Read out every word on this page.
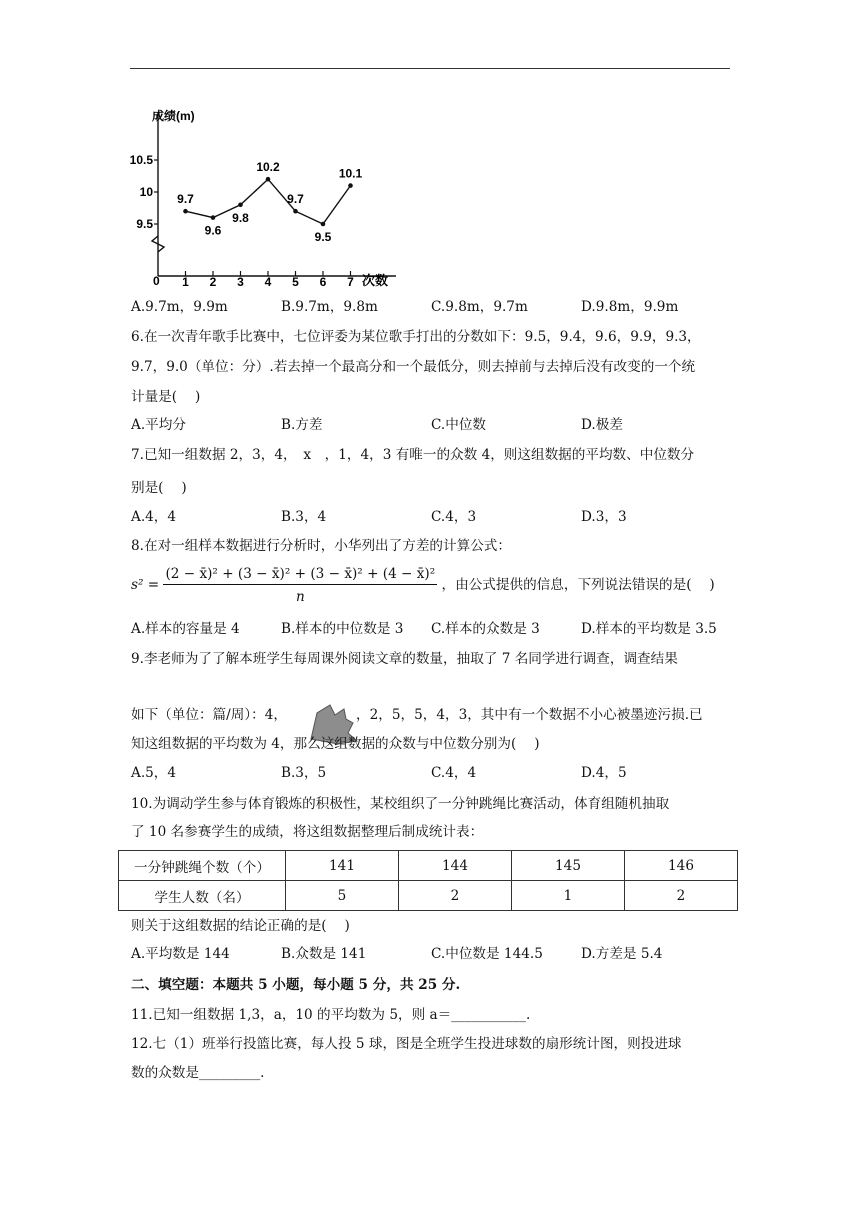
成绩(m)
次数
0
9.5
10
10.5
1 2 3 4 5 6 7
9.7
9.6
9.8
10.2
9.7
9.5
10.1
A.9.7m，9.9m	B.9.7m，9.8m	C.9.8m，9.7m	D.9.8m，9.9m
6.在一次青年歌手比赛中，七位评委为某位歌手打出的分数如下：9.5，9.4，9.6，9.9，9.3，
9.7，9.0（单位：分）.若去掉一个最高分和一个最低分，则去掉前与去掉后没有改变的一个统
计量是(　 )
A.平均分	B.方差	C.中位数	D.极差
7.已知一组数据 2，3，4，　x　，1，4，3 有唯一的众数 4，则这组数据的平均数、中位数分
别是(　 )
A.4，4	B.3，4	C.4，3	D.3，3
8.在对一组样本数据进行分析时，小华列出了方差的计算公式：
$s^2 = \frac{\text{(2 − x̄)² + (3 − x̄)² + (3 − x̄)² + (4 − x̄)²}}{n}$ ，由公式提供的信息，下列说法错误的是(　 )
A.样本的容量是 4	B.样本的中位数是 3 C.样本的众数是 3	D.样本的平均数是 3.5
9.李老师为了了解本班学生每周课外阅读文章的数量，抽取了 7 名同学进行调查，调查结果
如下（单位：篇/周）：4，	，2，5，5，4，3，其中有一个数据不小心被墨迹污损.已
知这组数据的平均数为 4，那么这组数据的众数与中位数分别为(　 )
A.5，4	B.3，5	C.4，4	D.4，5
10.为调动学生参与体育锻炼的积极性，某校组织了一分钟跳绳比赛活动，体育组随机抽取
了 10 名参赛学生的成绩，将这组数据整理后制成统计表：
一分钟跳绳个数（个）	141	144	145	146
学生人数（名）	5	2	1	2
则关于这组数据的结论正确的是(　 )
A.平均数是 144	B.众数是 141	C.中位数是 144.5	D.方差是 5.4
二、填空题：本题共 5 小题，每小题 5 分，共 25 分.
11.已知一组数据 1,3，a，10 的平均数为 5，则 a＝___________.
12.七（1）班举行投篮比赛，每人投 5 球，图是全班学生投进球数的扇形统计图，则投进球
数的众数是_________.
